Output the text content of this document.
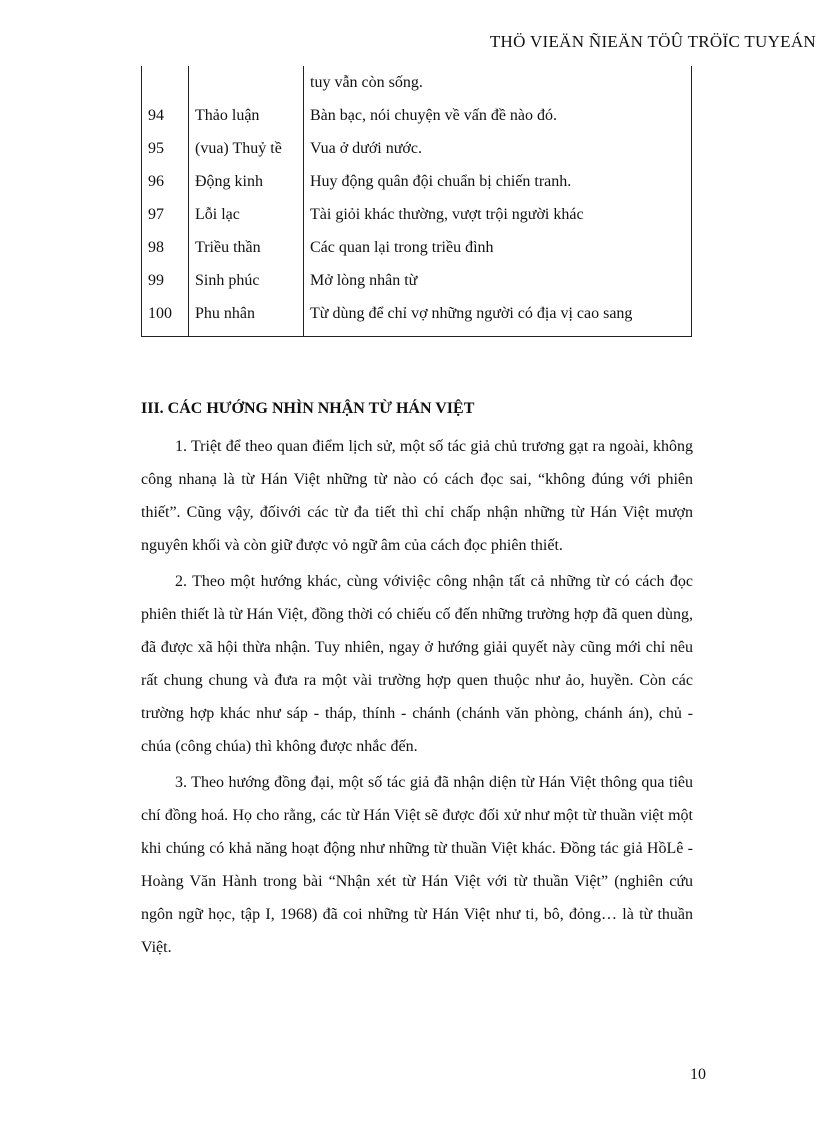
THÖ VIEÄN ÑIEÄN TÖÛ TRÖÏC TUYEÁN
		tuy vẫn còn sống.
94	Thảo luận	Bàn bạc, nói chuyện về vấn đề nào đó.
95	(vua) Thuỷ tề	Vua ở dưới nước.
96	Động kinh	Huy động quân đội chuẩn bị chiến tranh.
97	Lỗi lạc	Tài giỏi khác thường, vượt trội người khác
98	Triều thần	Các quan lại trong triều đình
99	Sinh phúc	Mở lòng nhân từ
100	Phu nhân	Từ dùng để chỉ vợ những người có địa vị cao sang
III. CÁC HƯỚNG NHÌN NHẬN TỪ HÁN VIỆT

1. Triệt để theo quan điểm lịch sử, một số tác giả chủ trương gạt ra ngoài, không công nhanạ là từ Hán Việt những từ nào có cách đọc sai, “không đúng với phiên thiết”. Cũng vậy, đốivới các từ đa tiết thì chỉ chấp nhận những từ Hán Việt mượn nguyên khối và còn giữ được vỏ ngữ âm của cách đọc phiên thiết.

2. Theo một hướng khác, cùng vớiviệc công nhận tất cả những từ có cách đọc phiên thiết là từ Hán Việt, đồng thời có chiếu cố đến những trường hợp đã quen dùng, đã được xã hội thừa nhận. Tuy nhiên, ngay ở hướng giải quyết này cũng mới chỉ nêu rất chung chung và đưa ra một vài trường hợp quen thuộc như ảo, huyền. Còn các trường hợp khác như sáp - tháp, thính - chánh (chánh văn phòng, chánh án), chủ - chúa (công chúa) thì không được nhắc đến.

3. Theo hướng đồng đại, một số tác giả đã nhận diện từ Hán Việt thông qua tiêu chí đồng hoá. Họ cho rằng, các từ Hán Việt sẽ được đối xử như một từ thuần việt một khi chúng có khả năng hoạt động như những từ thuần Việt khác. Đồng tác giả HồLê - Hoàng Văn Hành trong bài “Nhận xét từ Hán Việt với từ thuần Việt” (nghiên cứu ngôn ngữ học, tập I, 1968) đã coi những từ Hán Việt như ti, bô, đỏng… là từ thuần Việt.

10
